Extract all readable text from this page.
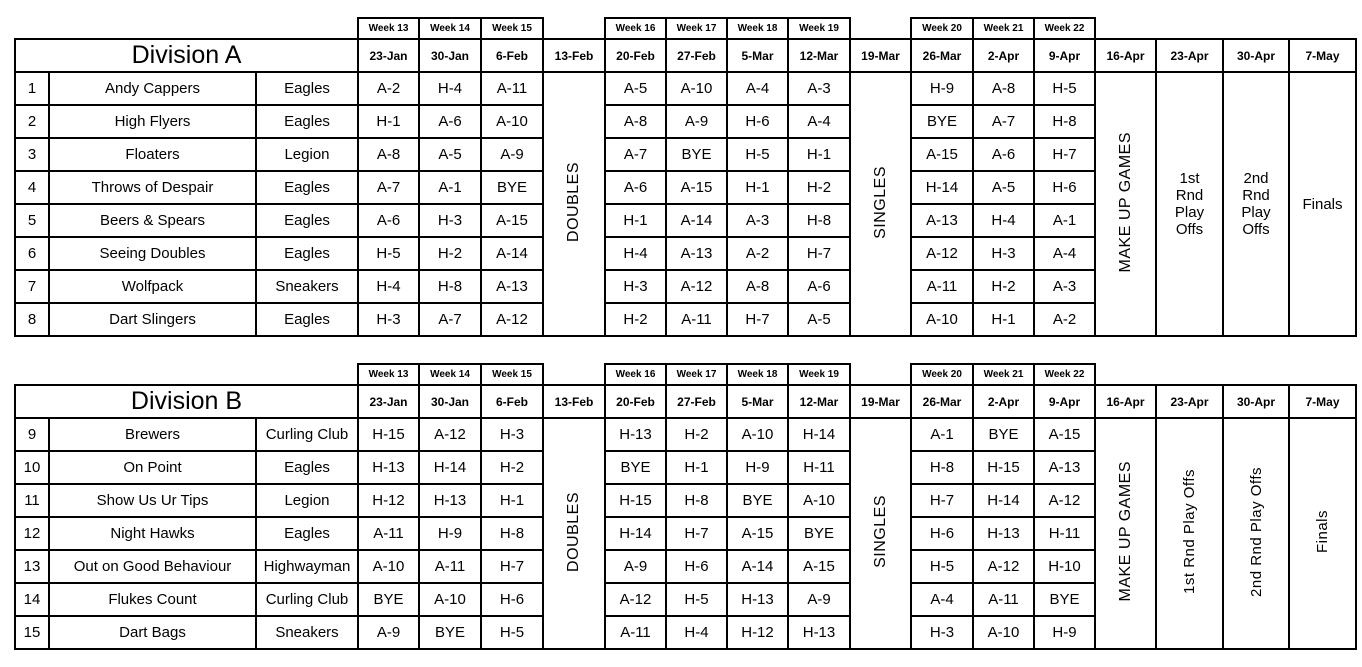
			Week 13	Week 14	Week 15		Week 16	Week 17	Week 18	Week 19		Week 20	Week 21	Week 22				
Division A			23-Jan	30-Jan	6-Feb	13-Feb	20-Feb	27-Feb	5-Mar	12-Mar	19-Mar	26-Mar	2-Apr	9-Apr	16-Apr	23-Apr	30-Apr	7-May
1	Andy Cappers	Eagles	A-2	H-4	A-11	DOUBLES	A-5	A-10	A-4	A-3	SINGLES	H-9	A-8	H-5	MAKE UP GAMES	1st Rnd Play Offs	2nd Rnd Play Offs	Finals
2	High Flyers	Eagles	H-1	A-6	A-10		A-8	A-9	H-6	A-4		BYE	A-7	H-8				
3	Floaters	Legion	A-8	A-5	A-9		A-7	BYE	H-5	H-1		A-15	A-6	H-7				
4	Throws of Despair	Eagles	A-7	A-1	BYE		A-6	A-15	H-1	H-2		H-14	A-5	H-6				
5	Beers & Spears	Eagles	A-6	H-3	A-15		H-1	A-14	A-3	H-8		A-13	H-4	A-1				
6	Seeing Doubles	Eagles	H-5	H-2	A-14		H-4	A-13	A-2	H-7		A-12	H-3	A-4				
7	Wolfpack	Sneakers	H-4	H-8	A-13		H-3	A-12	A-8	A-6		A-11	H-2	A-3				
8	Dart Slingers	Eagles	H-3	A-7	A-12		H-2	A-11	H-7	A-5		A-10	H-1	A-2				
			Week 13	Week 14	Week 15		Week 16	Week 17	Week 18	Week 19		Week 20	Week 21	Week 22				
Division B			23-Jan	30-Jan	6-Feb	13-Feb	20-Feb	27-Feb	5-Mar	12-Mar	19-Mar	26-Mar	2-Apr	9-Apr	16-Apr	23-Apr	30-Apr	7-May
9	Brewers	Curling Club	H-15	A-12	H-3	DOUBLES	H-13	H-2	A-10	H-14	SINGLES	A-1	BYE	A-15	MAKE UP GAMES	1st Rnd Play Offs	2nd Rnd Play Offs	Finals
10	On Point	Eagles	H-13	H-14	H-2		BYE	H-1	H-9	H-11		H-8	H-15	A-13				
11	Show Us Ur Tips	Legion	H-12	H-13	H-1		H-15	H-8	BYE	A-10		H-7	H-14	A-12				
12	Night Hawks	Eagles	A-11	H-9	H-8		H-14	H-7	A-15	BYE		H-6	H-13	H-11				
13	Out on Good Behaviour	Highwayman	A-10	A-11	H-7		A-9	H-6	A-14	A-15		H-5	A-12	H-10				
14	Flukes Count	Curling Club	BYE	A-10	H-6		A-12	H-5	H-13	A-9		A-4	A-11	BYE				
15	Dart Bags	Sneakers	A-9	BYE	H-5		A-11	H-4	H-12	H-13		H-3	A-10	H-9				
